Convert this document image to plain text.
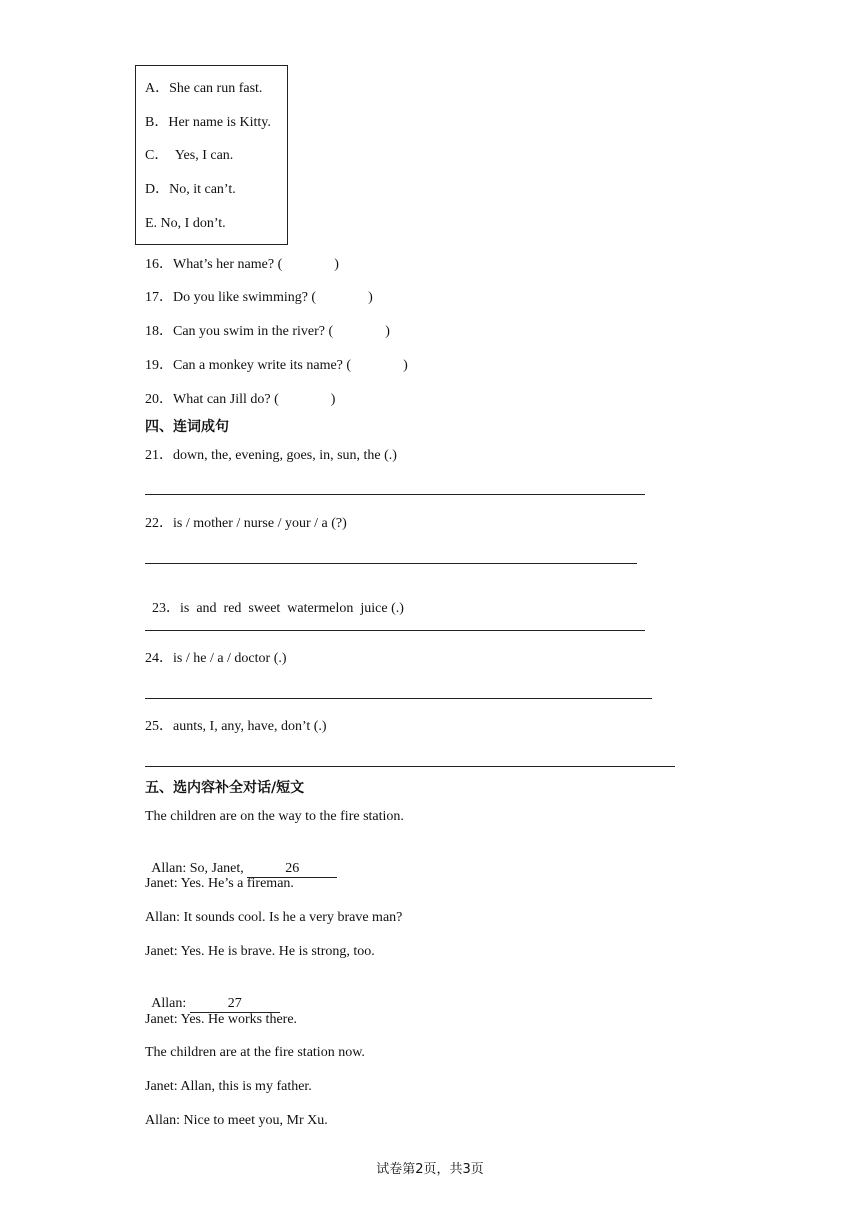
A．She can run fast.
B．Her name is Kitty.
C．  Yes, I can.
D．No, it can’t.
E. No, I don’t.
16．What’s her name? (	)
17．Do you like swimming? (	)
18．Can you swim in the river? (	)
19．Can a monkey write its name? (	)
20．What can Jill do? (	)
四、连词成句
21．down, the, evening, goes, in, sun, the (.)
22．is / mother / nurse / your / a (?)

23．is  and  red  sweet  watermelon  juice (.)

24．is / he / a / doctor (.)
25．aunts, I, any, have, don’t (.)
五、选内容补全对话/短文
The children are on the way to the fire station.

Allan: So, Janet,	26

Janet: Yes. He’s a fireman.
Allan: It sounds cool. Is he a very brave man?
Janet: Yes. He is brave. He is strong, too.

Allan:	27

Janet: Yes. He works there.
The children are at the fire station now.
Janet: Allan, this is my father.
Allan: Nice to meet you, Mr Xu.
试卷第2页，共3页
